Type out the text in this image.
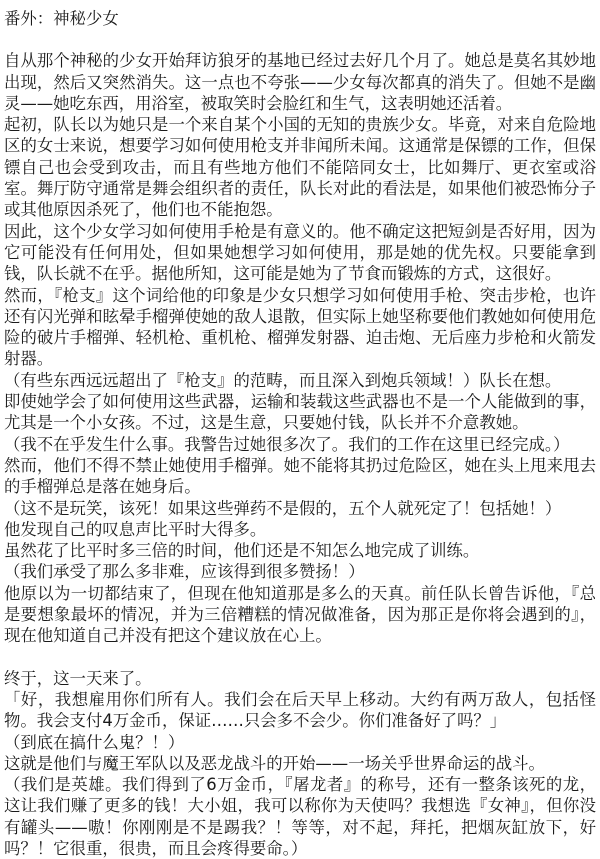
番外：神秘少女

自从那个神秘的少女开始拜访狼牙的基地已经过去好几个月了。她总是莫名其妙地出现，然后又突然消失。这一点也不夸张——少女每次都真的消失了。但她不是幽灵——她吃东西，用浴室，被取笑时会脸红和生气，这表明她还活着。

起初，队长以为她只是一个来自某个小国的无知的贵族少女。毕竟，对来自危险地区的女士来说，想要学习如何使用枪支并非闻所未闻。这通常是保镖的工作，但保镖自己也会受到攻击，而且有些地方他们不能陪同女士，比如舞厅、更衣室或浴室。舞厅防守通常是舞会组织者的责任，队长对此的看法是，如果他们被恐怖分子或其他原因杀死了，他们也不能抱怨。

因此，这个少女学习如何使用手枪是有意义的。他不确定这把短剑是否好用，因为它可能没有任何用处，但如果她想学习如何使用，那是她的优先权。只要能拿到钱，队长就不在乎。据他所知，这可能是她为了节食而锻炼的方式，这很好。

然而，『枪支』这个词给他的印象是少女只想学习如何使用手枪、突击步枪，也许还有闪光弹和眩晕手榴弹使她的敌人退散，但实际上她坚称要他们教她如何使用危险的破片手榴弹、轻机枪、重机枪、榴弹发射器、迫击炮、无后座力步枪和火箭发射器。

（有些东西远远超出了『枪支』的范畴，而且深入到炮兵领域！）队长在想。

即使她学会了如何使用这些武器，运输和装载这些武器也不是一个人能做到的事，尤其是一个小女孩。不过，这是生意，只要她付钱，队长并不介意教她。

（我不在乎发生什么事。我警告过她很多次了。我们的工作在这里已经完成。）

然而，他们不得不禁止她使用手榴弹。她不能将其扔过危险区，她在头上甩来甩去的手榴弹总是落在她身后。

（这不是玩笑，该死！如果这些弹药不是假的，五个人就死定了！包括她！）

他发现自己的叹息声比平时大得多。

虽然花了比平时多三倍的时间，他们还是不知怎么地完成了训练。

（我们承受了那么多非难，应该得到很多赞扬！）

他原以为一切都结束了，但现在他知道那是多么的天真。前任队长曾告诉他，『总是要想象最坏的情况，并为三倍糟糕的情况做准备，因为那正是你将会遇到的』，现在他知道自己并没有把这个建议放在心上。

终于，这一天来了。

「好，我想雇用你们所有人。我们会在后天早上移动。大约有两万敌人，包括怪物。我会支付4万金币，保证……只会多不会少。你们准备好了吗？」

（到底在搞什么鬼？！）

这就是他们与魔王军队以及恶龙战斗的开始——一场关乎世界命运的战斗。

（我们是英雄。我们得到了6万金币，『屠龙者』的称号，还有一整条该死的龙，这让我们赚了更多的钱！大小姐，我可以称你为天使吗？我想选『女神』，但你没有罐头——嗷！你刚刚是不是踢我？！等等，对不起，拜托，把烟灰缸放下，好吗？！它很重，很贵，而且会疼得要命。）
